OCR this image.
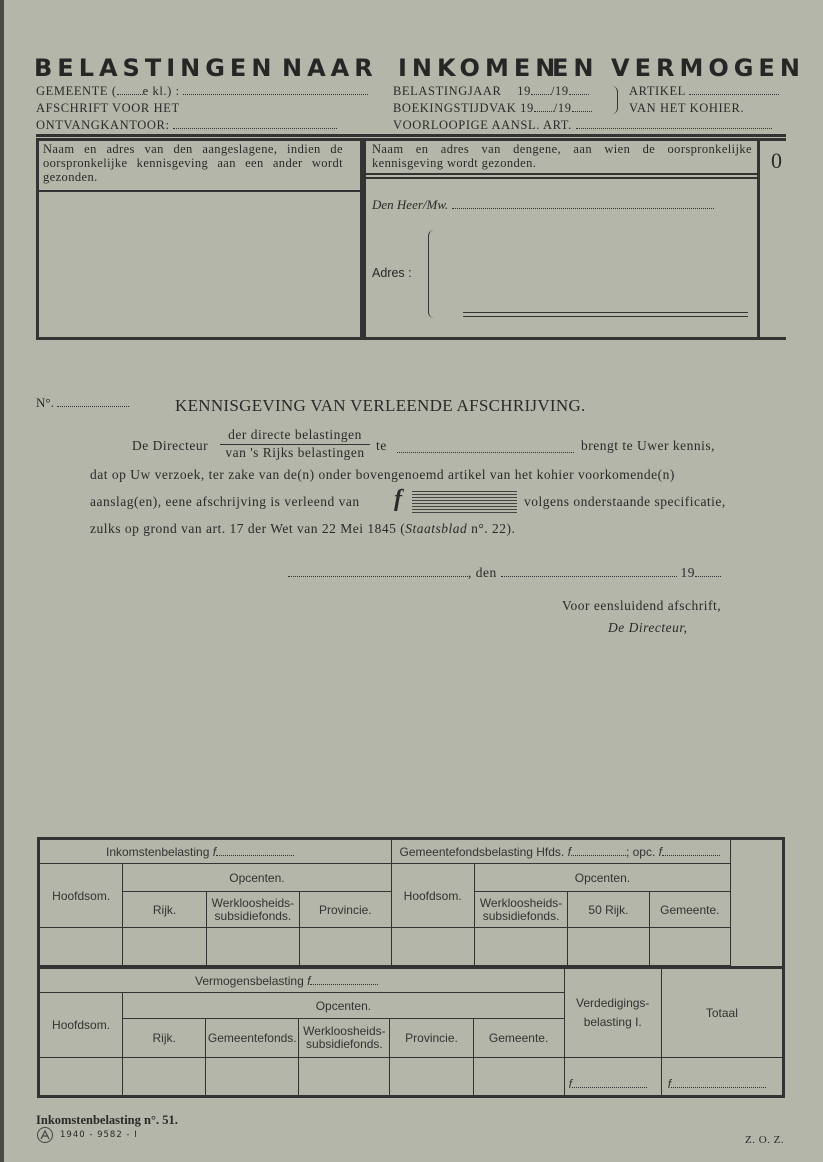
BELASTINGEN NAAR INKOMEN
EN VERMOGEN
GEMEENTE ( e kl.) :
AFSCHRIFT VOOR HET
ONTVANGKANTOOR:
BELASTINGJAAR 19 /19
BOEKINGSTIJDVAK 19 /19
VOORLOOPIGE AANSL. ART.
ARTIKEL
VAN HET KOHIER.
Naam en adres van den aangeslagene, indien de oorspronkelijke kennisgeving aan een ander wordt gezonden.
Naam en adres van dengene, aan wien de oorspronkelijke kennisgeving wordt gezonden.	0
Den Heer/Mw.
Adres :
N°.	KENNISGEVING VAN VERLEENDE AFSCHRIJVING.
De Directeur
der directe belastingen
van 's Rijks belastingen te	brengt te Uwer kennis,
dat op Uw verzoek, ter zake van de(n) onder bovengenoemd artikel van het kohier voorkomende(n)
aanslag(en), eene afschrijving is verleend van f	volgens onderstaande specificatie,
zulks op grond van art. 17 der Wet van 22 Mei 1845 (Staatsblad n°. 22).
, den	19
Voor eensluidend afschrift,
De Directeur,
Inkomstenbelasting f				Gemeentefondsbelasting Hfds. f ; opc. f			
Hoofdsom.	Opcenten.			Hoofdsom.	Opcenten.		
	Rijk.	Werkloosheids-subsidiefonds.	Provincie.		Werkloosheids-subsidiefonds.	50 Rijk.	Gemeente.

Vermogensbelasting f						Verdedigings-belasting I.	Totaal
Hoofdsom.	Opcenten.						
	Rijk.	Gemeentefonds.	Werkloosheids-subsidiefonds.	Provincie.	Gemeente.		
						f	f
Inkomstenbelasting n°. 51.
1940 - 9582 - I	Z. O. Z.
